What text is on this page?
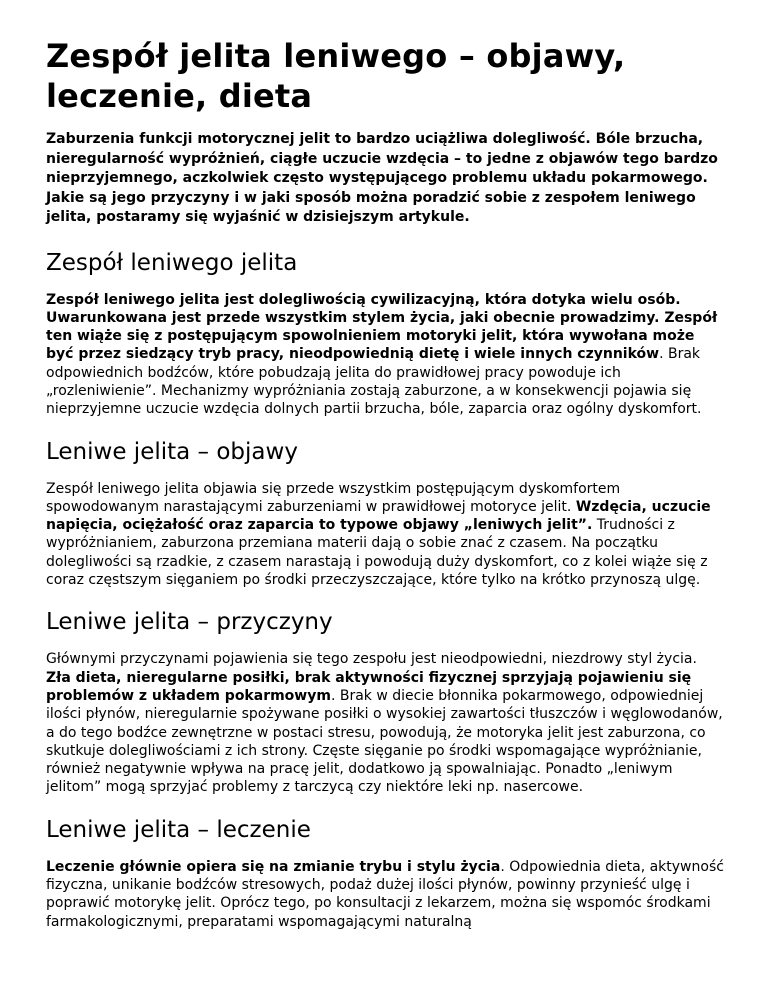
Zespół jelita leniwego – objawy, leczenie, dieta

Zaburzenia funkcji motorycznej jelit to bardzo uciążliwa dolegliwość. Bóle brzucha, nieregularność wypróżnień, ciągłe uczucie wzdęcia – to jedne z objawów tego bardzo nieprzyjemnego, aczkolwiek często występującego problemu układu pokarmowego. Jakie są jego przyczyny i w jaki sposób można poradzić sobie z zespołem leniwego jelita, postaramy się wyjaśnić w dzisiejszym artykule.

Zespół leniwego jelita

Zespół leniwego jelita jest dolegliwością cywilizacyjną, która dotyka wielu osób. Uwarunkowana jest przede wszystkim stylem życia, jaki obecnie prowadzimy. Zespół ten wiąże się z postępującym spowolnieniem motoryki jelit, która wywołana może być przez siedzący tryb pracy, nieodpowiednią dietę i wiele innych czynników. Brak odpowiednich bodźców, które pobudzają jelita do prawidłowej pracy powoduje ich „rozleniwienie”. Mechanizmy wypróżniania zostają zaburzone, a w konsekwencji pojawia się nieprzyjemne uczucie wzdęcia dolnych partii brzucha, bóle, zaparcia oraz ogólny dyskomfort.

Leniwe jelita – objawy

Zespół leniwego jelita objawia się przede wszystkim postępującym dyskomfortem spowodowanym narastającymi zaburzeniami w prawidłowej motoryce jelit. Wzdęcia, uczucie napięcia, ociężałość oraz zaparcia to typowe objawy „leniwych jelit”. Trudności z wypróżnianiem, zaburzona przemiana materii dają o sobie znać z czasem. Na początku dolegliwości są rzadkie, z czasem narastają i powodują duży dyskomfort, co z kolei wiąże się z coraz częstszym sięganiem po środki przeczyszczające, które tylko na krótko przynoszą ulgę.

Leniwe jelita – przyczyny

Głównymi przyczynami pojawienia się tego zespołu jest nieodpowiedni, niezdrowy styl życia. Zła dieta, nieregularne posiłki, brak aktywności fizycznej sprzyjają pojawieniu się problemów z układem pokarmowym. Brak w diecie błonnika pokarmowego, odpowiedniej ilości płynów, nieregularnie spożywane posiłki o wysokiej zawartości tłuszczów i węglowodanów, a do tego bodźce zewnętrzne w postaci stresu, powodują, że motoryka jelit jest zaburzona, co skutkuje dolegliwościami z ich strony. Częste sięganie po środki wspomagające wypróżnianie, również negatywnie wpływa na pracę jelit, dodatkowo ją spowalniając. Ponadto „leniwym jelitom” mogą sprzyjać problemy z tarczycą czy niektóre leki np. nasercowe.

Leniwe jelita – leczenie

Leczenie głównie opiera się na zmianie trybu i stylu życia. Odpowiednia dieta, aktywność fizyczna, unikanie bodźców stresowych, podaż dużej ilości płynów, powinny przynieść ulgę i poprawić motorykę jelit. Oprócz tego, po konsultacji z lekarzem, można się wspomóc środkami farmakologicznymi, preparatami wspomagającymi naturalną
